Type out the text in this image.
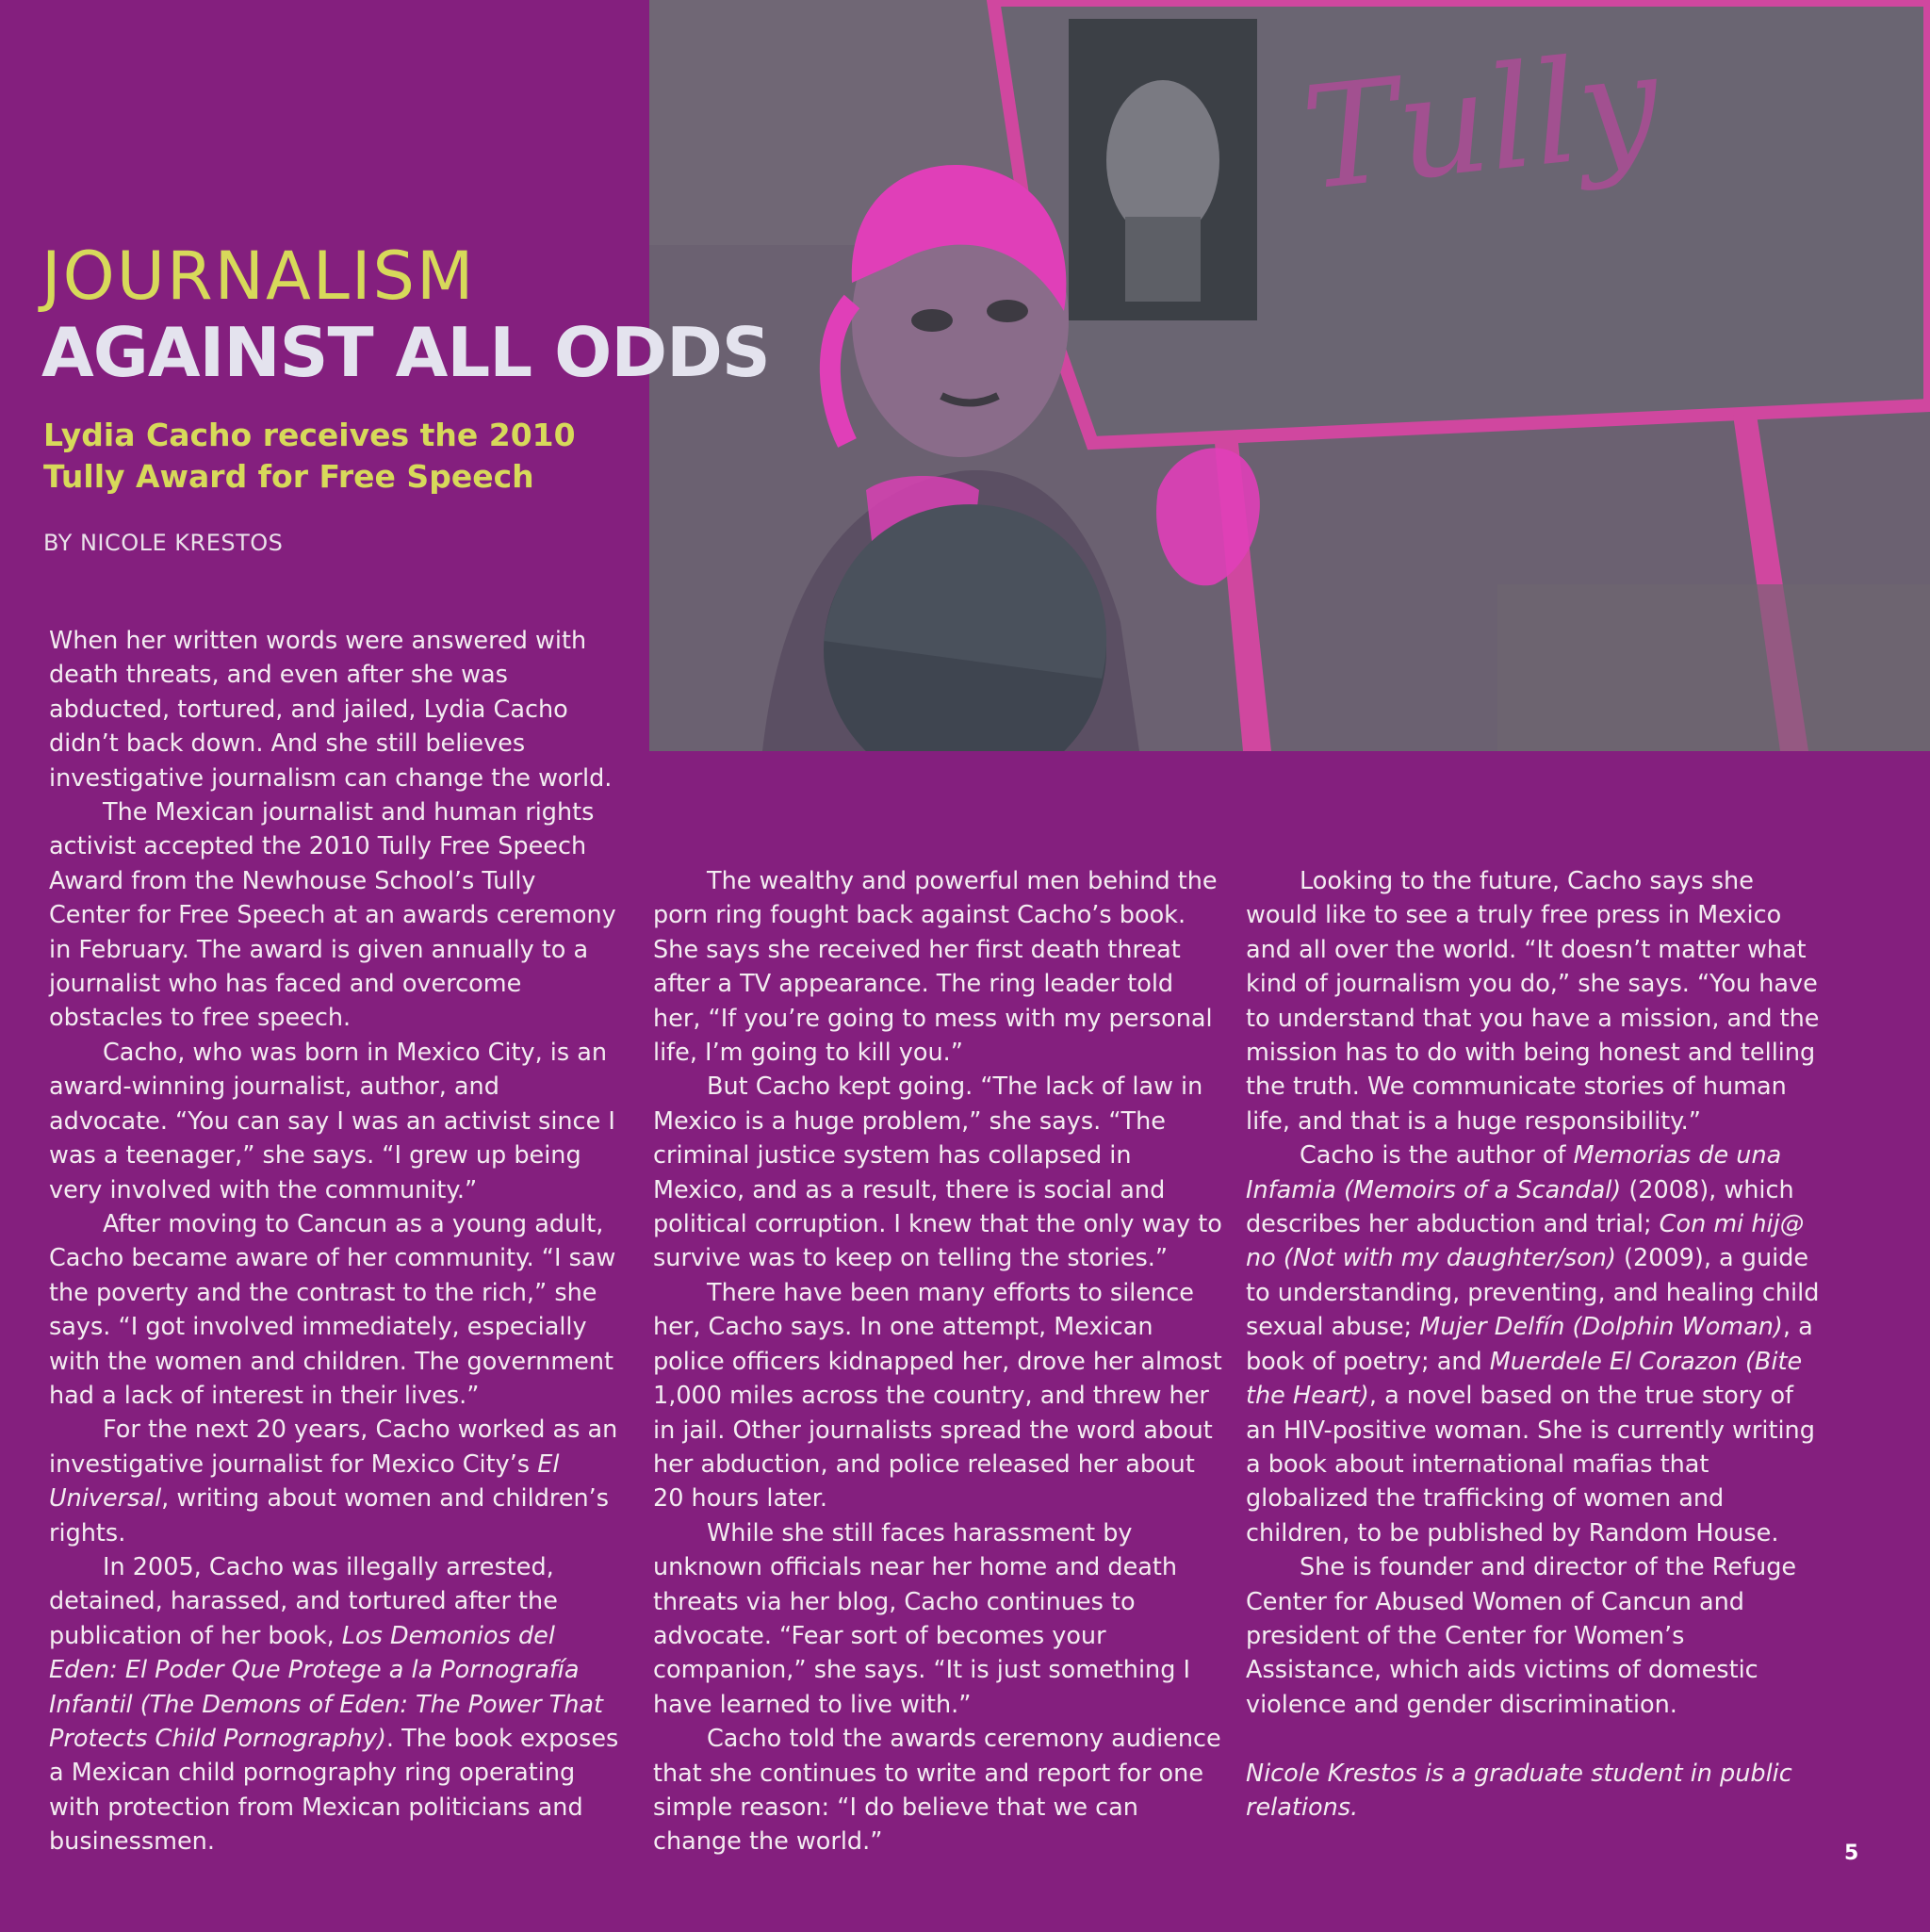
Tully
JOURNALISM
AGAINST ALL ODDS
Lydia Cacho receives the 2010 Tully Award for Free Speech
BY NICOLE KRESTOS

When her written words were answered with death threats, and even after she was abducted, tortured, and jailed, Lydia Cacho didn’t back down. And she still believes investigative journalism can change the world.

The Mexican journalist and human rights activist accepted the 2010 Tully Free Speech Award from the Newhouse School’s Tully Center for Free Speech at an awards ceremony in February. The award is given annually to a journalist who has faced and overcome obstacles to free speech.

Cacho, who was born in Mexico City, is an award-winning journalist, author, and advocate. “You can say I was an activist since I was a teenager,” she says. “I grew up being very involved with the community.”

After moving to Cancun as a young adult, Cacho became aware of her community. “I saw the poverty and the contrast to the rich,” she says. “I got involved immediately, especially with the women and children. The government had a lack of interest in their lives.”

For the next 20 years, Cacho worked as an investigative journalist for Mexico City’s El Universal, writing about women and children’s rights.

In 2005, Cacho was illegally arrested, detained, harassed, and tortured after the publication of her book, Los Demonios del Eden: El Poder Que Protege a la Pornografía Infantil (The Demons of Eden: The Power That Protects Child Pornography). The book exposes a Mexican child pornography ring operating with protection from Mexican politicians and businessmen.

The wealthy and powerful men behind the porn ring fought back against Cacho’s book. She says she received her first death threat after a TV appearance. The ring leader told her, “If you’re going to mess with my personal life, I’m going to kill you.”

But Cacho kept going. “The lack of law in Mexico is a huge problem,” she says. “The criminal justice system has collapsed in Mexico, and as a result, there is social and political corruption. I knew that the only way to survive was to keep on telling the stories.”

There have been many efforts to silence her, Cacho says. In one attempt, Mexican police officers kidnapped her, drove her almost 1,000 miles across the country, and threw her in jail. Other journalists spread the word about her abduction, and police released her about 20 hours later.

While she still faces harassment by unknown officials near her home and death threats via her blog, Cacho continues to advocate. “Fear sort of becomes your companion,” she says. “It is just something I have learned to live with.”

Cacho told the awards ceremony audience that she continues to write and report for one simple reason: “I do believe that we can change the world.”

Looking to the future, Cacho says she would like to see a truly free press in Mexico and all over the world. “It doesn’t matter what kind of journalism you do,” she says. “You have to understand that you have a mission, and the mission has to do with being honest and telling the truth. We communicate stories of human life, and that is a huge responsibility.”

Cacho is the author of Memorias de una Infamia (Memoirs of a Scandal) (2008), which describes her abduction and trial; Con mi hij@ no (Not with my daughter/son) (2009), a guide to understanding, preventing, and healing child sexual abuse; Mujer Delfín (Dolphin Woman), a book of poetry; and Muerdele El Corazon (Bite the Heart), a novel based on the true story of an HIV-positive woman. She is currently writing a book about international mafias that globalized the trafficking of women and children, to be published by Random House.

She is founder and director of the Refuge Center for Abused Women of Cancun and president of the Center for Women’s Assistance, which aids victims of domestic violence and gender discrimination.

Nicole Krestos is a graduate student in public relations.

5
